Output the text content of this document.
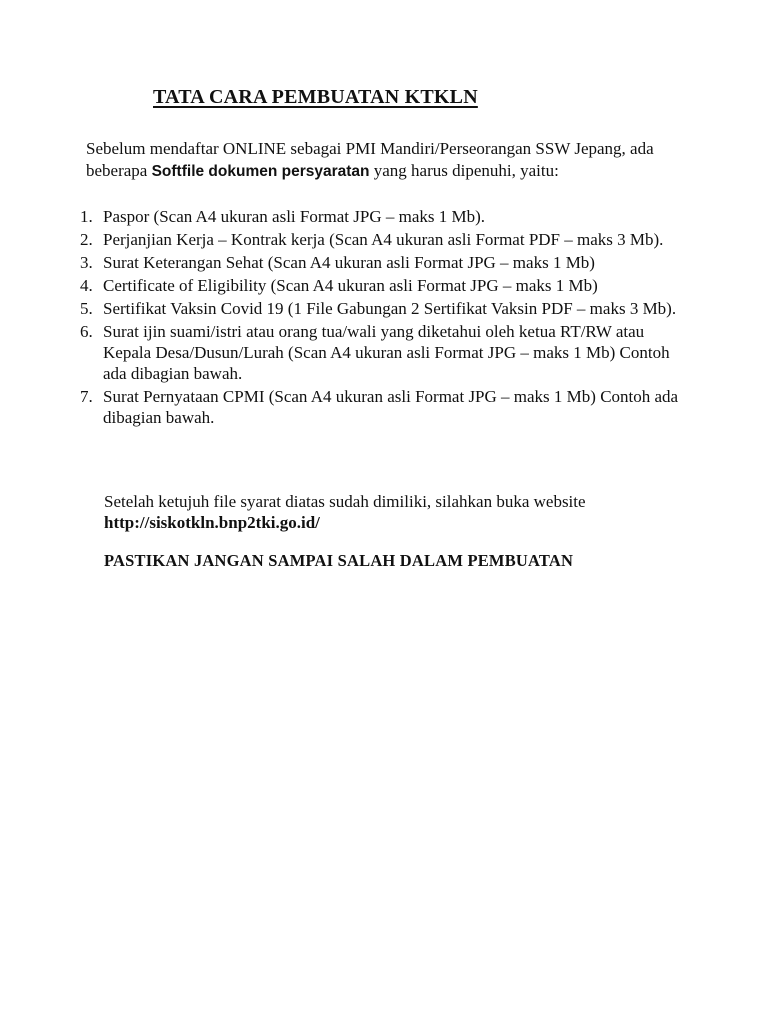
TATA CARA PEMBUATAN KTKLN
Sebelum mendaftar ONLINE sebagai PMI Mandiri/Perseorangan SSW Jepang, ada beberapa Softfile dokumen persyaratan yang harus dipenuhi, yaitu:
1. Paspor (Scan A4 ukuran asli Format JPG – maks 1 Mb).
2. Perjanjian Kerja – Kontrak kerja (Scan A4 ukuran asli Format PDF – maks 3 Mb).
3. Surat Keterangan Sehat (Scan A4 ukuran asli Format JPG – maks 1 Mb)
4. Certificate of Eligibility (Scan A4 ukuran asli Format JPG – maks 1 Mb)
5. Sertifikat Vaksin Covid 19 (1 File Gabungan 2 Sertifikat Vaksin PDF – maks 3 Mb).
6. Surat ijin suami/istri atau orang tua/wali yang diketahui oleh ketua RT/RW atau Kepala Desa/Dusun/Lurah (Scan A4 ukuran asli Format JPG – maks 1 Mb) Contoh ada dibagian bawah.
7. Surat Pernyataan CPMI (Scan A4 ukuran asli Format JPG – maks 1 Mb) Contoh ada dibagian bawah.
Setelah ketujuh file syarat diatas sudah dimiliki, silahkan buka website
http://siskotkln.bnp2tki.go.id/
PASTIKAN JANGAN SAMPAI SALAH DALAM PEMBUATAN
